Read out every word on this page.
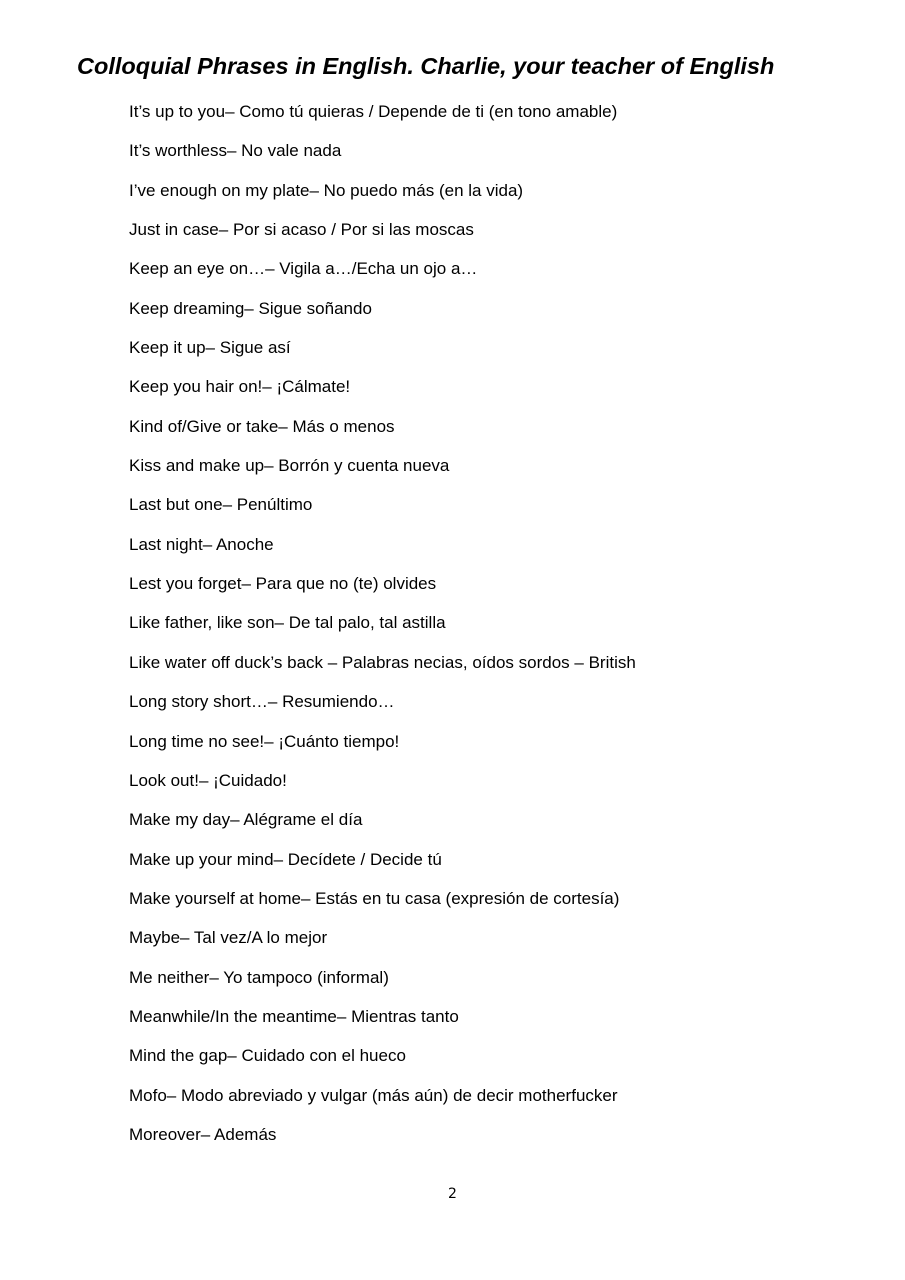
Colloquial Phrases in English. Charlie, your teacher of English
It’s up to you– Como tú quieras / Depende de ti (en tono amable)
It’s worthless– No vale nada
I’ve enough on my plate– No puedo más (en la vida)
Just in case– Por si acaso / Por si las moscas
Keep an eye on…– Vigila a…/Echa un ojo a…
Keep dreaming– Sigue soñando
Keep it up– Sigue así
Keep you hair on!– ¡Cálmate!
Kind of/Give or take– Más o menos
Kiss and make up– Borrón y cuenta nueva
Last but one– Penúltimo
Last night– Anoche
Lest you forget– Para que no (te) olvides
Like father, like son– De tal palo, tal astilla
Like water off duck’s back – Palabras necias, oídos sordos – British
Long story short…– Resumiendo…
Long time no see!– ¡Cuánto tiempo!
Look out!– ¡Cuidado!
Make my day– Alégrame el día
Make up your mind– Decídete / Decide tú
Make yourself at home– Estás en tu casa (expresión de cortesía)
Maybe– Tal vez/A lo mejor
Me neither– Yo tampoco (informal)
Meanwhile/In the meantime– Mientras tanto
Mind the gap– Cuidado con el hueco
Mofo– Modo abreviado y vulgar (más aún) de decir motherfucker
Moreover– Además
2
